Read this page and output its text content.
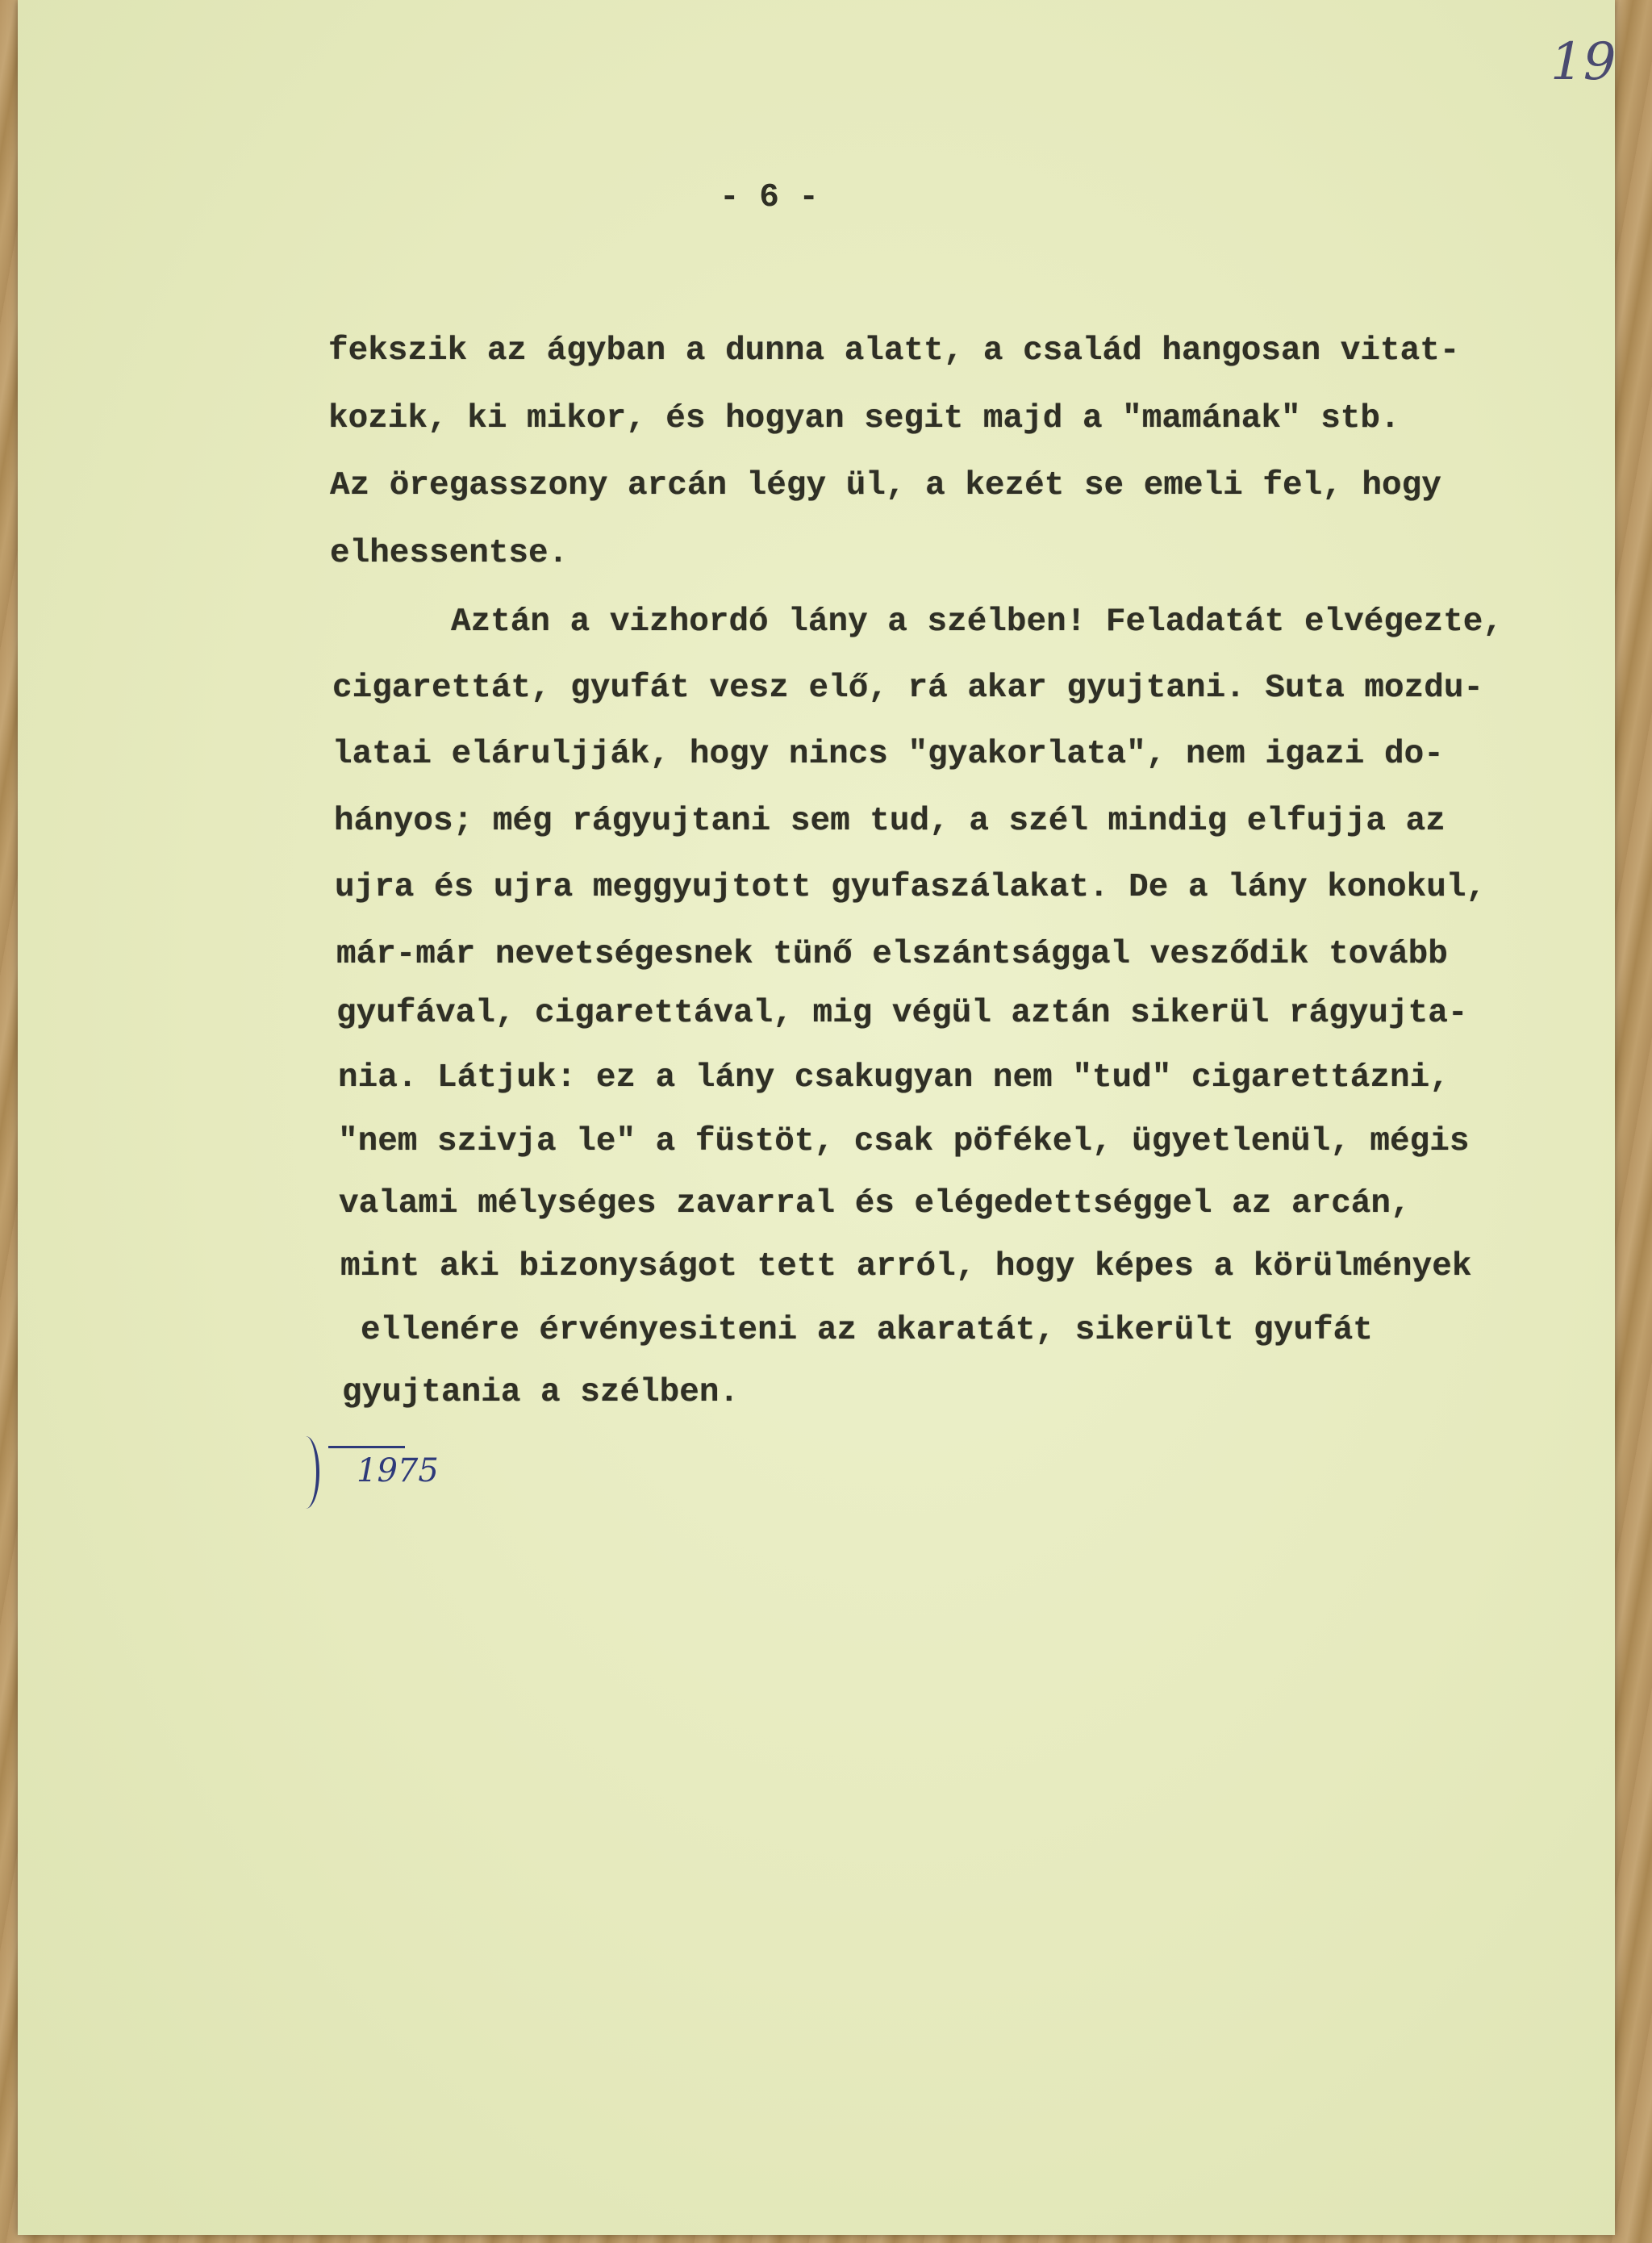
19
- 6 -
fekszik az ágyban a dunna alatt, a család hangosan vitat-
kozik, ki mikor, és hogyan segit majd a "mamának" stb.
Az öregasszony arcán légy ül, a kezét se emeli fel, hogy
elhessentse.
Aztán a vizhordó lány a szélben! Feladatát elvégezte,
cigarettát, gyufát vesz elő, rá akar gyujtani. Suta mozdu-
latai eláruljják, hogy nincs "gyakorlata", nem igazi do-
hányos; még rágyujtani sem tud, a szél mindig elfujja az
ujra és ujra meggyujtott gyufaszálakat. De a lány konokul,
már-már nevetségesnek tünő elszántsággal vesződik tovább
gyufával, cigarettával, mig végül aztán sikerül rágyujta-
nia. Látjuk: ez a lány csakugyan nem "tud" cigarettázni,
"nem szivja le" a füstöt, csak pöfékel, ügyetlenül, mégis
valami mélységes zavarral és elégedettséggel az arcán,
mint aki bizonyságot tett arról, hogy képes a körülmények
ellenére érvényesiteni az akaratát, sikerült gyufát
gyujtania a szélben.
1975
